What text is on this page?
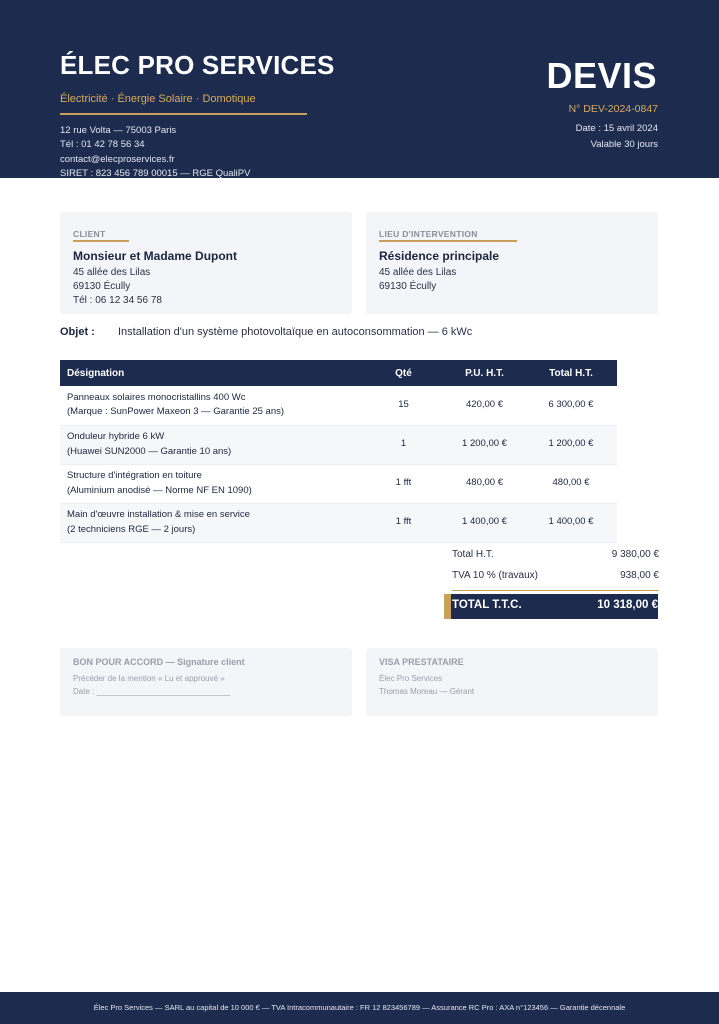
ÉLEC PRO SERVICES
Électricité · Énergie Solaire · Domotique
12 rue Volta — 75003 Paris
Tél : 01 42 78 56 34
contact@elecproservices.fr
SIRET : 823 456 789 00015 — RGE QualiPV
DEVIS
N° DEV-2024-0847
Date : 15 avril 2024
Valable 30 jours
CLIENT
Monsieur et Madame Dupont
45 allée des Lilas
69130 Écully
Tél : 06 12 34 56 78
LIEU D'INTERVENTION
Résidence principale
45 allée des Lilas
69130 Écully
Objet : Installation d'un système photovoltaïque en autoconsommation — 6 kWc
Désignation	Qté	P.U. H.T.	Total H.T.

Panneaux solaires monocristallins 400 Wc
(Marque : SunPower Maxeon 3 — Garantie 25 ans)	15	420,00 €	6 300,00 €

Onduleur hybride 6 kW
(Huawei SUN2000 — Garantie 10 ans)	1	1 200,00 €	1 200,00 €

Structure d'intégration en toiture
(Aluminium anodisé — Norme NF EN 1090)	1 fft	480,00 €	480,00 €

Main d'œuvre installation & mise en service
(2 techniciens RGE — 2 jours)	1 fft	1 400,00 €	1 400,00 €
Total H.T.	9 380,00 €
TVA 10 % (travaux)	938,00 €
TOTAL T.T.C.	10 318,00 €
BON POUR ACCORD — Signature client
Précéder de la mention « Lu et approuvé »
Date : ______________________________
VISA PRESTATAIRE
Élec Pro Services
Thomas Moreau — Gérant
Élec Pro Services — SARL au capital de 10 000 € — TVA Intracommunautaire : FR 12 823456789 — Assurance RC Pro : AXA n°123456 — Garantie décennale
